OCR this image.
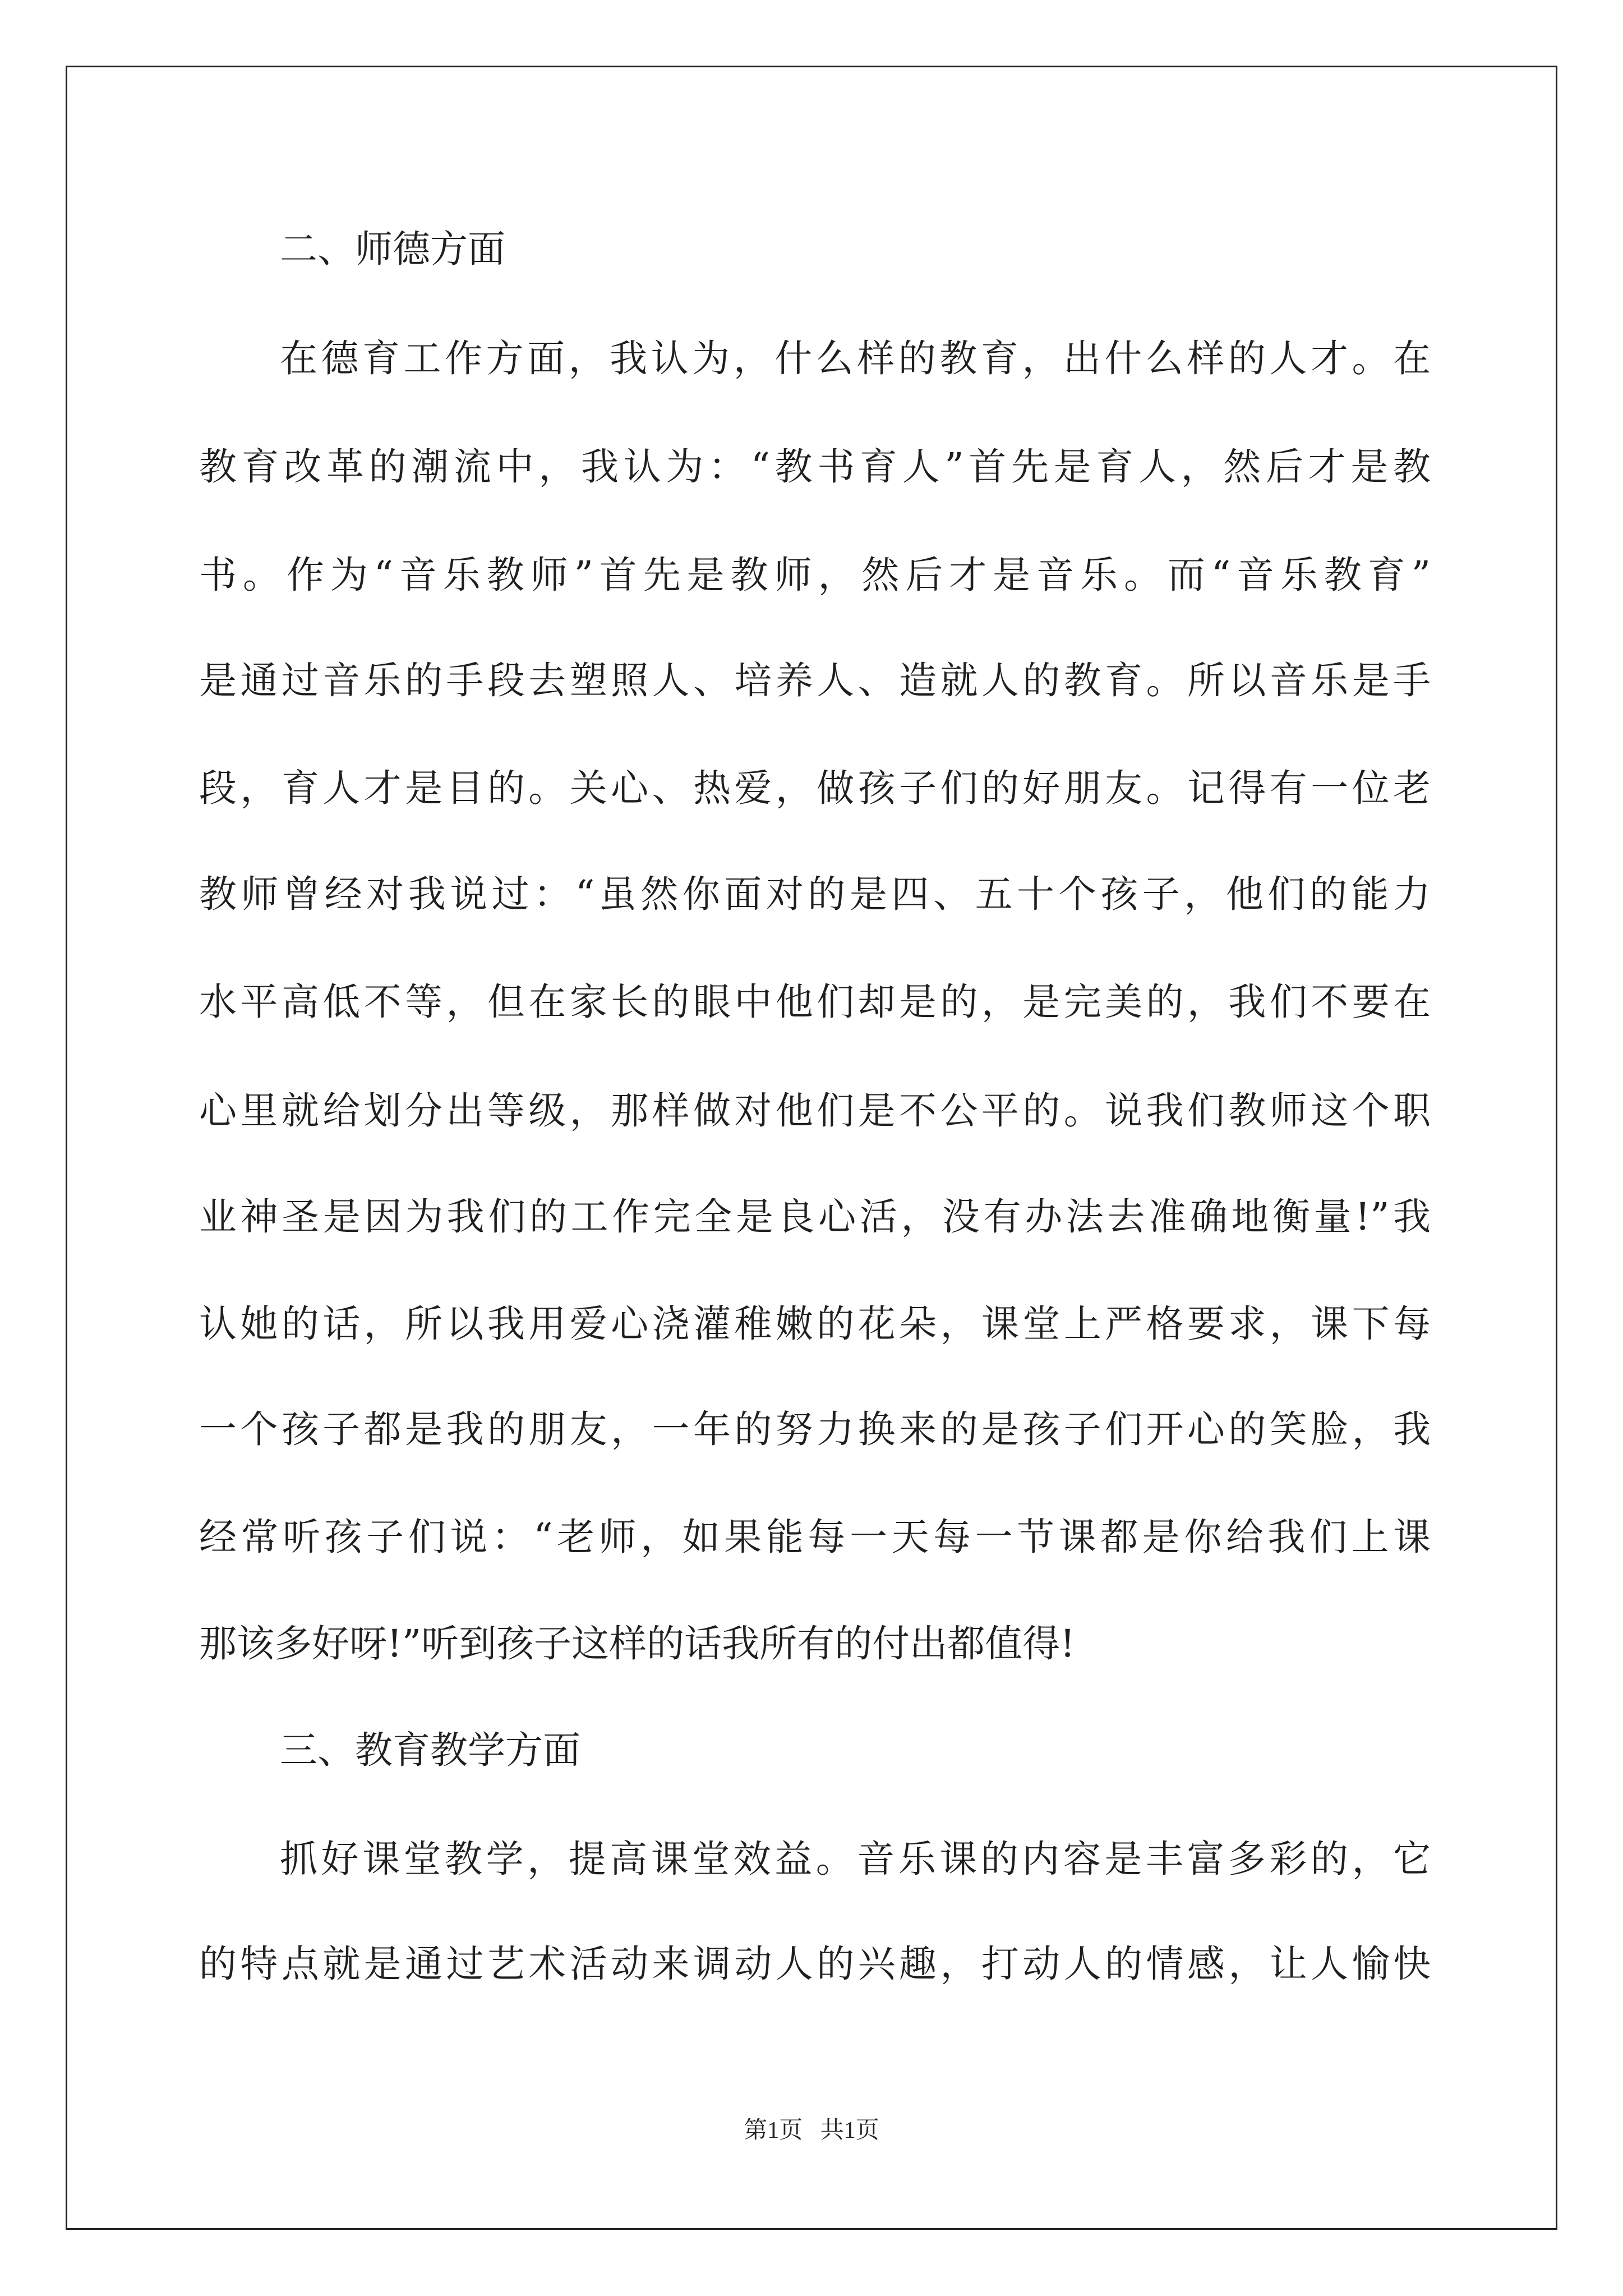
二、师德方面
在德育工作方面，我认为，什么样的教育，出什么样的人才。在
教育改革的潮流中，我认为：“教书育人”首先是育人，然后才是教
书。作为“音乐教师”首先是教师，然后才是音乐。而“音乐教育”
是通过音乐的手段去塑照人、培养人、造就人的教育。所以音乐是手
段，育人才是目的。关心、热爱，做孩子们的好朋友。记得有一位老
教师曾经对我说过：“虽然你面对的是四、五十个孩子，他们的能力
水平高低不等，但在家长的眼中他们却是的，是完美的，我们不要在
心里就给划分出等级，那样做对他们是不公平的。说我们教师这个职
业神圣是因为我们的工作完全是良心活，没有办法去准确地衡量!”我
认她的话，所以我用爱心浇灌稚嫩的花朵，课堂上严格要求，课下每
一个孩子都是我的朋友，一年的努力换来的是孩子们开心的笑脸，我
经常听孩子们说：“老师，如果能每一天每一节课都是你给我们上课
那该多好呀!”听到孩子这样的话我所有的付出都值得!
三、教育教学方面
抓好课堂教学，提高课堂效益。音乐课的内容是丰富多彩的，它
的特点就是通过艺术活动来调动人的兴趣，打动人的情感，让人愉快
第1页   共1页
